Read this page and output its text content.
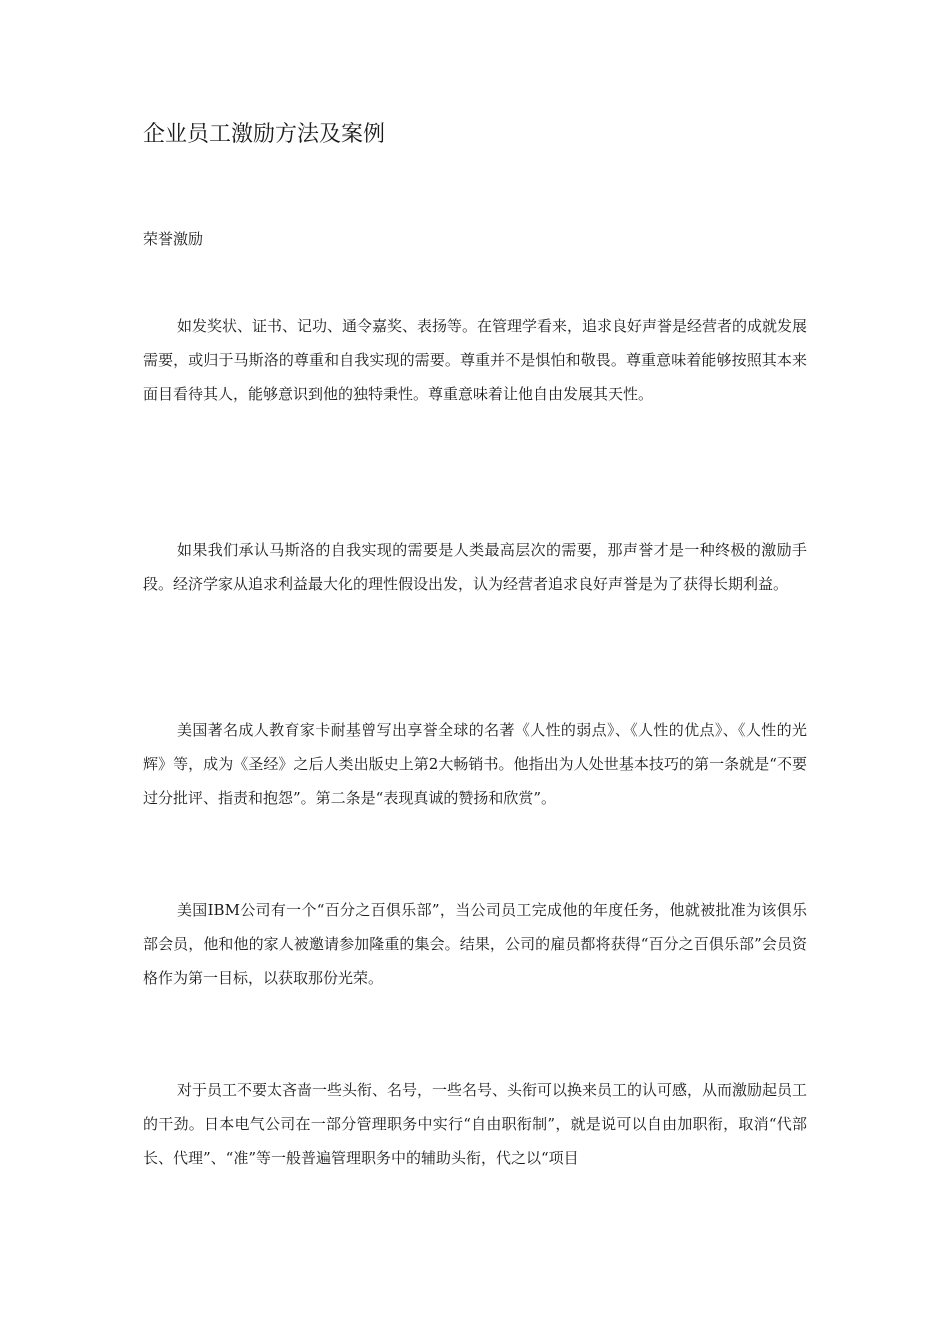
企业员工激励方法及案例
荣誉激励

如发奖状、证书、记功、通令嘉奖、表扬等。在管理学看来，追求良好声誉是经营者的成就发展需要，或归于马斯洛的尊重和自我实现的需要。尊重并不是惧怕和敬畏。尊重意味着能够按照其本来面目看待其人，能够意识到他的独特秉性。尊重意味着让他自由发展其天性。

如果我们承认马斯洛的自我实现的需要是人类最高层次的需要，那声誉才是一种终极的激励手段。经济学家从追求利益最大化的理性假设出发，认为经营者追求良好声誉是为了获得长期利益。

美国著名成人教育家卡耐基曾写出享誉全球的名著《人性的弱点》、《人性的优点》、《人性的光辉》等，成为《圣经》之后人类出版史上第2大畅销书。他指出为人处世基本技巧的第一条就是“不要过分批评、指责和抱怨”。第二条是“表现真诚的赞扬和欣赏”。

美国IBM公司有一个“百分之百俱乐部”，当公司员工完成他的年度任务，他就被批准为该俱乐部会员，他和他的家人被邀请参加隆重的集会。结果，公司的雇员都将获得“百分之百俱乐部”会员资格作为第一目标，以获取那份光荣。

对于员工不要太吝啬一些头衔、名号，一些名号、头衔可以换来员工的认可感，从而激励起员工的干劲。日本电气公司在一部分管理职务中实行“自由职衔制”，就是说可以自由加职衔，取消“代部长、代理”、“准”等一般普遍管理职务中的辅助头衔，代之以“项目
